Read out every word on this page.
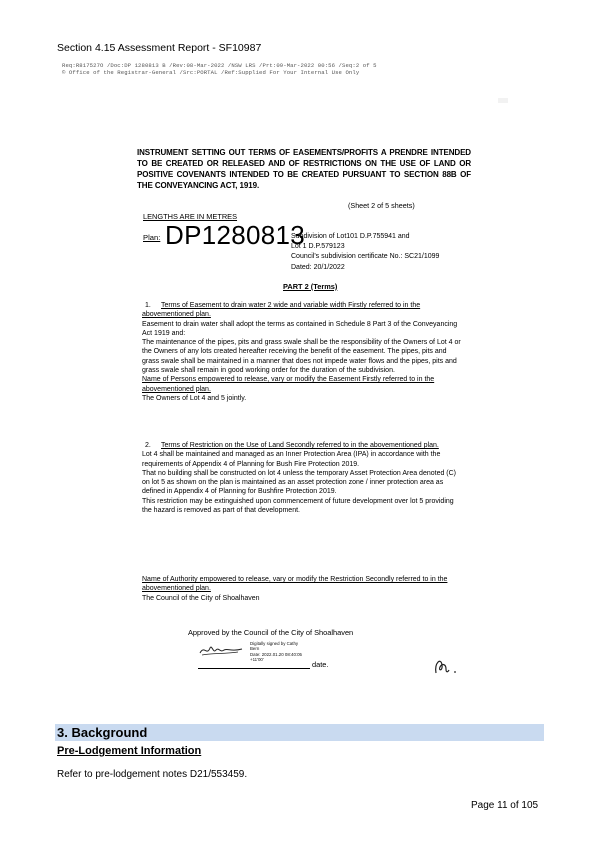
Section 4.15 Assessment Report - SF10987
Req:R817527O /Doc:DP 1280813 B /Rev:08-Mar-2022 /NSW LRS /Prt:09-Mar-2022 00:56 /Seq:2 of 5
© Office of the Registrar-General /Src:PORTAL /Ref:Supplied For Your Internal Use Only
INSTRUMENT SETTING OUT TERMS OF EASEMENTS/PROFITS A PRENDRE INTENDED TO BE CREATED OR RELEASED AND OF RESTRICTIONS ON THE USE OF LAND OR POSITIVE COVENANTS INTENDED TO BE CREATED PURSUANT TO SECTION 88B OF THE CONVEYANCING ACT, 1919.
(Sheet 2 of 5 sheets)
LENGTHS ARE IN METRES
Plan: DP1280813
Subdivision of Lot101 D.P.755941 and
Lot 1 D.P.579123
Council's subdivision certificate No.: SC21/1099
Dated: 20/1/2022
PART 2 (Terms)
1. Terms of Easement to drain water 2 wide and variable width Firstly referred to in the abovementioned plan.
Easement to drain water shall adopt the terms as contained in Schedule 8 Part 3 of the Conveyancing Act 1919 and:
The maintenance of the pipes, pits and grass swale shall be the responsibility of the Owners of Lot 4 or the Owners of any lots created hereafter receiving the benefit of the easement. The pipes, pits and grass swale shall be maintained in a manner that does not impede water flows and the pipes, pits and grass swale shall remain in good working order for the duration of the subdivision.
Name of Persons empowered to release, vary or modify the Easement Firstly referred to in the abovementioned plan.
The Owners of Lot 4 and 5 jointly.
2. Terms of Restriction on the Use of Land Secondly referred to in the abovementioned plan.
Lot 4 shall be maintained and managed as an Inner Protection Area (IPA) in accordance with the requirements of Appendix 4 of Planning for Bush Fire Protection 2019.
That no building shall be constructed on lot 4 unless the temporary Asset Protection Area denoted (C) on lot 5 as shown on the plan is maintained as an asset protection zone / inner protection area as defined in Appendix 4 of Planning for Bushfire Protection 2019.
This restriction may be extinguished upon commencement of future development over lot 5 providing the hazard is removed as part of that development.
Name of Authority empowered to release, vary or modify the Restriction Secondly referred to in the abovementioned plan.
The Council of the City of Shoalhaven
Approved by the Council of the City of Shoalhaven
Digitally signed by Cathy
Bern
Date: 2022.01.20 08:40:05
+11'00'
date.
3. Background
Pre-Lodgement Information
Refer to pre-lodgement notes D21/553459.
Page 11 of 105
